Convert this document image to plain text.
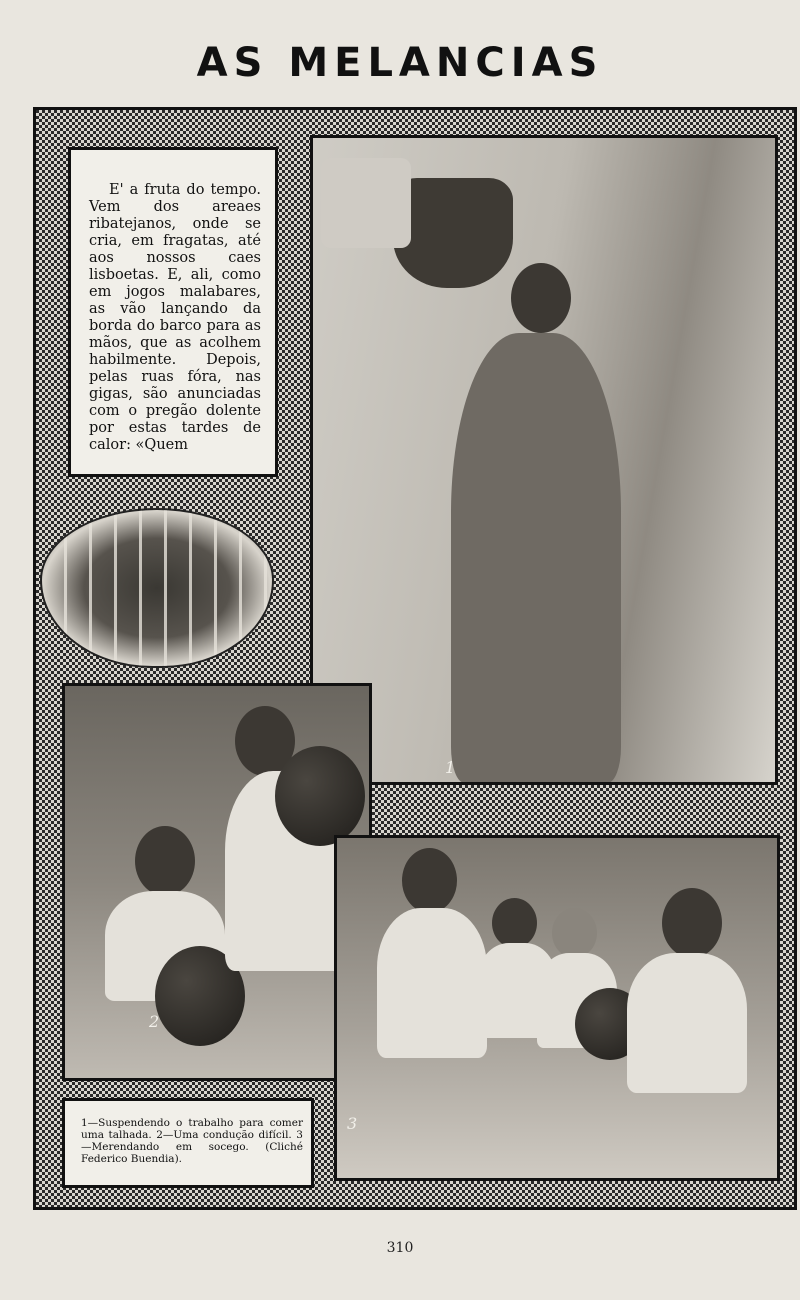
AS MELANCIAS

E' a fruta do tempo. Vem dos areaes ribatejanos, onde se cria, em fragatas, até aos nossos caes lisboetas. E, ali, como em jogos malabares, as vão lançando da borda do barco para as mãos, que as acolhem habilmente. Depois, pelas ruas fóra, nas gigas, são anunciadas com o pregão dolente por estas tardes de calor: «Quem

1
2
3

1—Suspendendo o trabalho para comer uma talhada. 2—Uma condução difícil. 3—Merendando em socego. (Cliché Federico Buendia).

310
